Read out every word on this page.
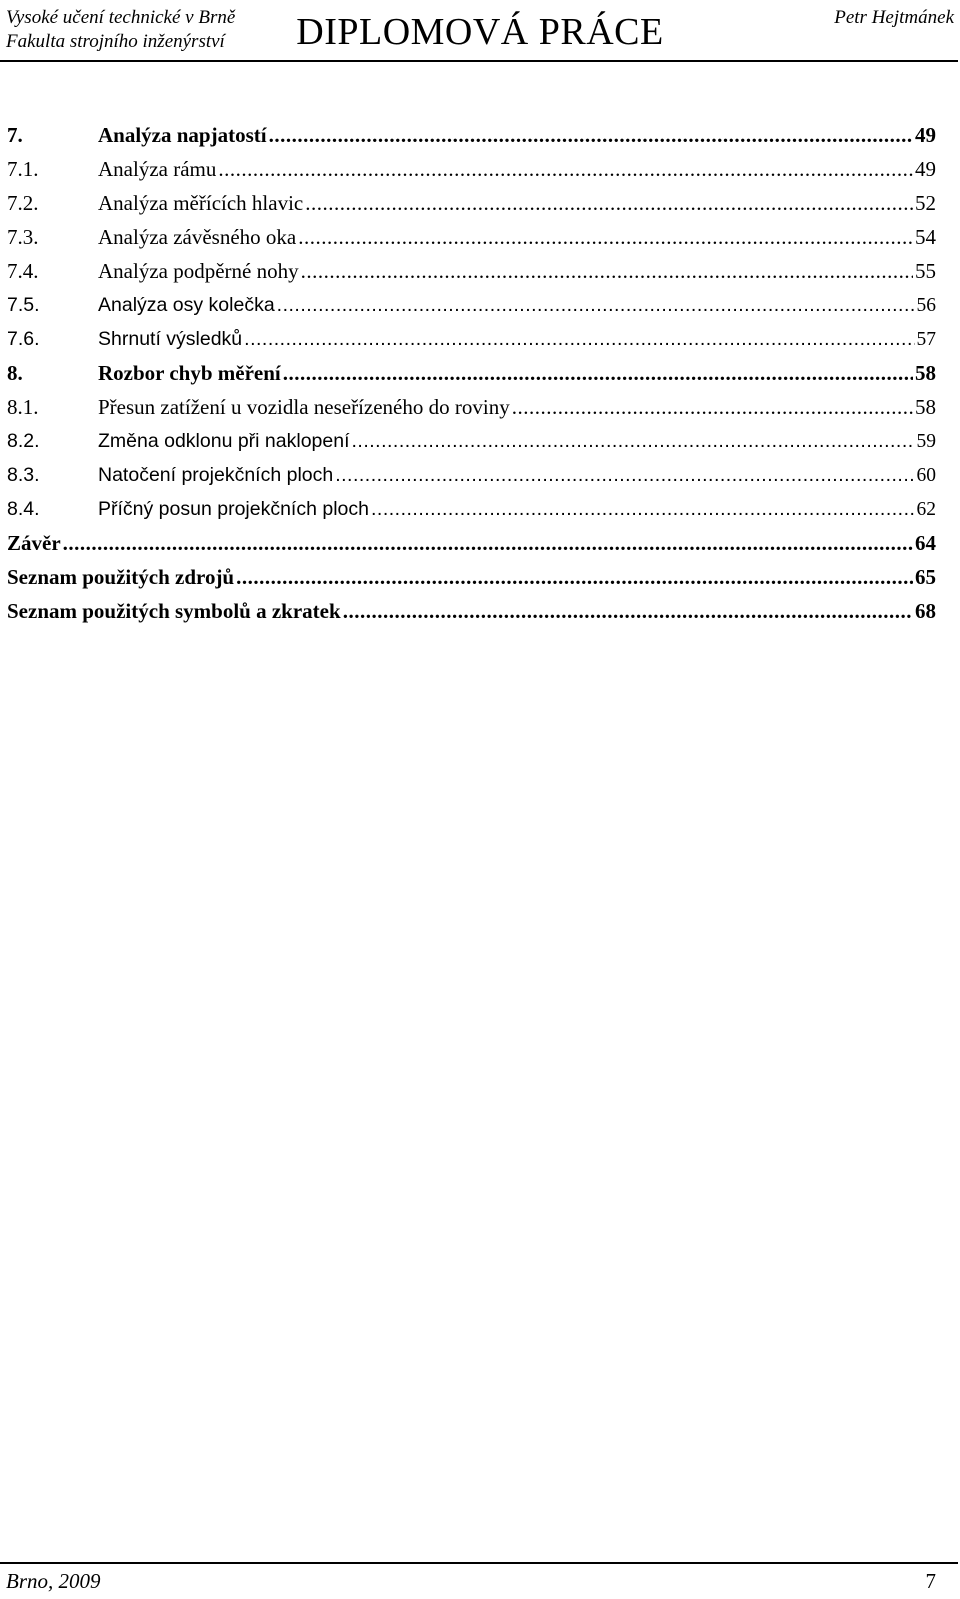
Vysoké učení technické v Brně
Fakulta strojního inženýrství	DIPLOMOVÁ PRÁCE	Petr Hejtmánek
7.	Analýza napjatostí .....	49
7.1.	Analýza rámu .....	49
7.2.	Analýza měřících hlavic .....	52
7.3.	Analýza závěsného oka .....	54
7.4.	Analýza podpěrné nohy .....	55
7.5.	Analýza osy kolečka .....	56
7.6.	Shrnutí výsledků .....	57
8.	Rozbor chyb měření .....	58
8.1.	Přesun zatížení u vozidla neseřízeného do roviny .....	58
8.2.	Změna odklonu při naklopení .....	59
8.3.	Natočení projekčních ploch .....	60
8.4.	Příčný posun projekčních ploch .....	62
Závěr .....	64
Seznam použitých zdrojů .....	65
Seznam použitých symbolů a zkratek .....	68
Brno, 2009	7
